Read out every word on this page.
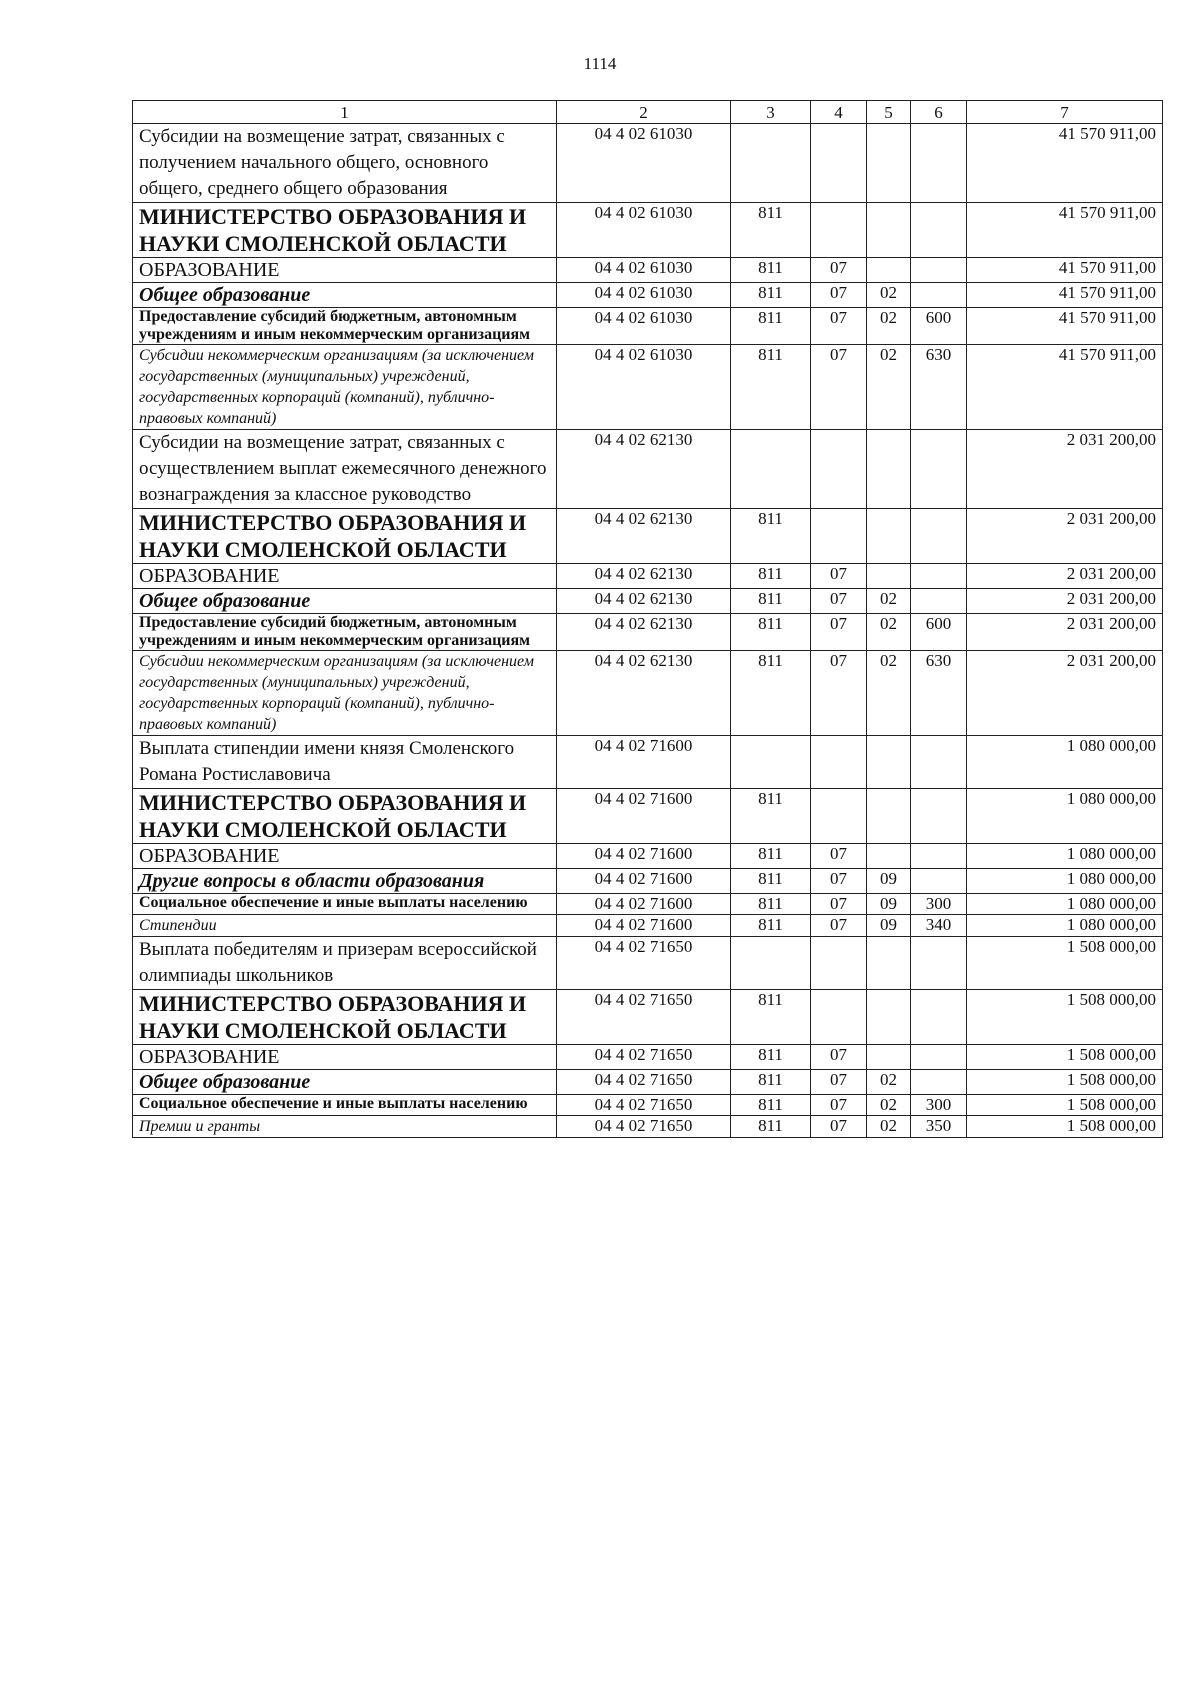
1114
1	2	3	4	5	6	7
Субсидии на возмещение затрат, связанных с получением начального общего, основного общего, среднего общего образования	04 4 02 61030					41 570 911,00
МИНИСТЕРСТВО ОБРАЗОВАНИЯ И НАУКИ СМОЛЕНСКОЙ ОБЛАСТИ	04 4 02 61030	811				41 570 911,00
ОБРАЗОВАНИЕ	04 4 02 61030	811	07			41 570 911,00
Общее образование	04 4 02 61030	811	07	02		41 570 911,00
Предоставление субсидий бюджетным, автономным учреждениям и иным некоммерческим организациям	04 4 02 61030	811	07	02	600	41 570 911,00
Субсидии некоммерческим организациям (за исключением государственных (муниципальных) учреждений, государственных корпораций (компаний), публично-правовых компаний)	04 4 02 61030	811	07	02	630	41 570 911,00
Субсидии на возмещение затрат, связанных с осуществлением выплат ежемесячного денежного вознаграждения за классное руководство	04 4 02 62130					2 031 200,00
МИНИСТЕРСТВО ОБРАЗОВАНИЯ И НАУКИ СМОЛЕНСКОЙ ОБЛАСТИ	04 4 02 62130	811				2 031 200,00
ОБРАЗОВАНИЕ	04 4 02 62130	811	07			2 031 200,00
Общее образование	04 4 02 62130	811	07	02		2 031 200,00
Предоставление субсидий бюджетным, автономным учреждениям и иным некоммерческим организациям	04 4 02 62130	811	07	02	600	2 031 200,00
Субсидии некоммерческим организациям (за исключением государственных (муниципальных) учреждений, государственных корпораций (компаний), публично-правовых компаний)	04 4 02 62130	811	07	02	630	2 031 200,00
Выплата стипендии имени князя Смоленского Романа Ростиславовича	04 4 02 71600					1 080 000,00
МИНИСТЕРСТВО ОБРАЗОВАНИЯ И НАУКИ СМОЛЕНСКОЙ ОБЛАСТИ	04 4 02 71600	811				1 080 000,00
ОБРАЗОВАНИЕ	04 4 02 71600	811	07			1 080 000,00
Другие вопросы в области образования	04 4 02 71600	811	07	09		1 080 000,00
Социальное обеспечение и иные выплаты населению	04 4 02 71600	811	07	09	300	1 080 000,00
Стипендии	04 4 02 71600	811	07	09	340	1 080 000,00
Выплата победителям и призерам всероссийской олимпиады школьников	04 4 02 71650					1 508 000,00
МИНИСТЕРСТВО ОБРАЗОВАНИЯ И НАУКИ СМОЛЕНСКОЙ ОБЛАСТИ	04 4 02 71650	811				1 508 000,00
ОБРАЗОВАНИЕ	04 4 02 71650	811	07			1 508 000,00
Общее образование	04 4 02 71650	811	07	02		1 508 000,00
Социальное обеспечение и иные выплаты населению	04 4 02 71650	811	07	02	300	1 508 000,00
Премии и гранты	04 4 02 71650	811	07	02	350	1 508 000,00
